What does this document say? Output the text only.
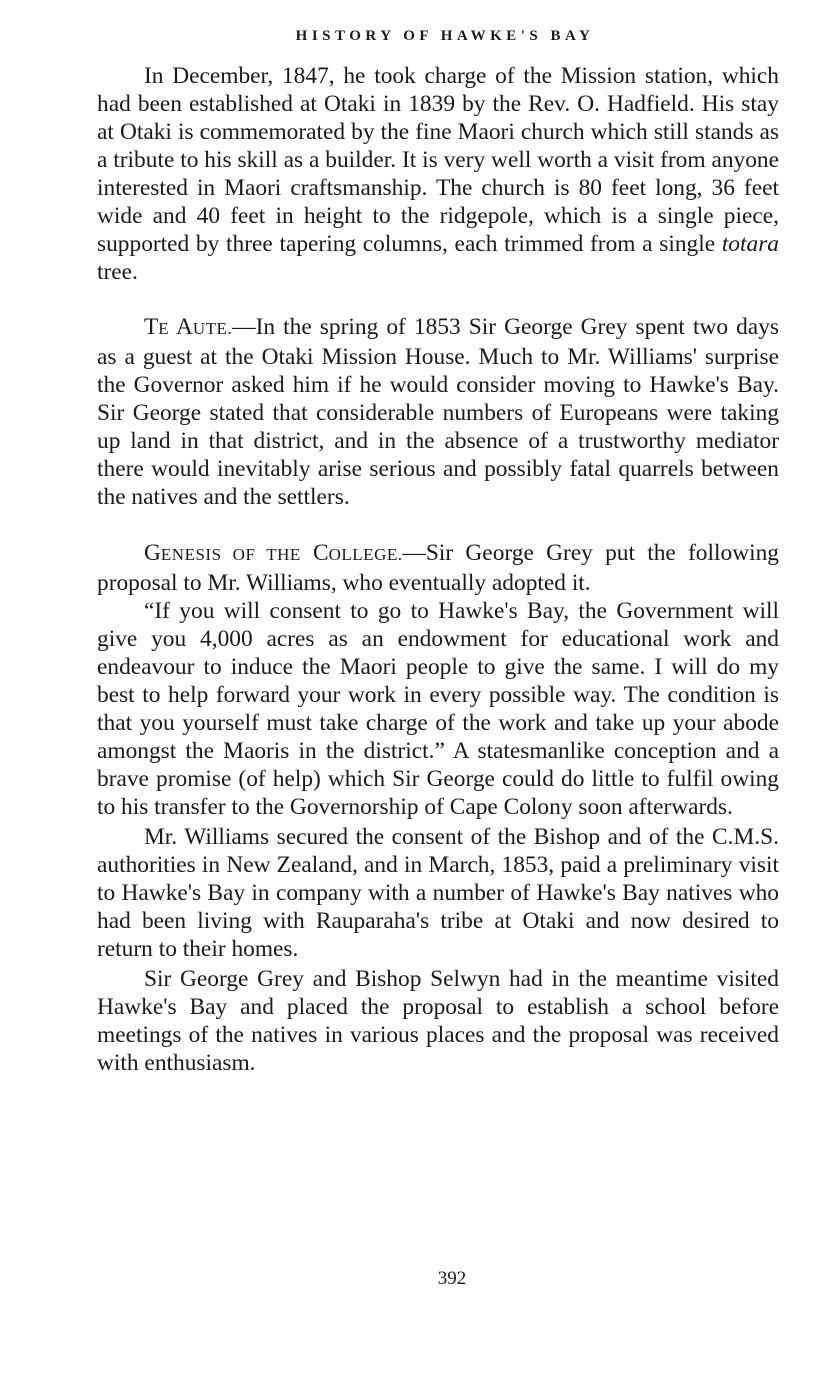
HISTORY OF HAWKE'S BAY

In December, 1847, he took charge of the Mission station, which had been established at Otaki in 1839 by the Rev. O. Hadfield. His stay at Otaki is commemorated by the fine Maori church which still stands as a tribute to his skill as a builder. It is very well worth a visit from anyone interested in Maori craftsmanship. The church is 80 feet long, 36 feet wide and 40 feet in height to the ridgepole, which is a single piece, supported by three tapering columns, each trimmed from a single totara tree.

TE AUTE.—In the spring of 1853 Sir George Grey spent two days as a guest at the Otaki Mission House. Much to Mr. Williams' surprise the Governor asked him if he would consider moving to Hawke's Bay. Sir George stated that considerable numbers of Europeans were taking up land in that district, and in the absence of a trustworthy mediator there would inevitably arise serious and possibly fatal quarrels between the natives and the settlers.

GENESIS OF THE COLLEGE.—Sir George Grey put the following proposal to Mr. Williams, who eventually adopted it.

“If you will consent to go to Hawke's Bay, the Government will give you 4,000 acres as an endowment for educational work and endeavour to induce the Maori people to give the same. I will do my best to help forward your work in every possible way. The condition is that you yourself must take charge of the work and take up your abode amongst the Maoris in the district.” A statesmanlike conception and a brave promise (of help) which Sir George could do little to fulfil owing to his transfer to the Governorship of Cape Colony soon afterwards.

Mr. Williams secured the consent of the Bishop and of the C.M.S. authorities in New Zealand, and in March, 1853, paid a preliminary visit to Hawke's Bay in company with a number of Hawke's Bay natives who had been living with Rauparaha's tribe at Otaki and now desired to return to their homes.

Sir George Grey and Bishop Selwyn had in the meantime visited Hawke's Bay and placed the proposal to establish a school before meetings of the natives in various places and the proposal was received with enthusiasm.

392
